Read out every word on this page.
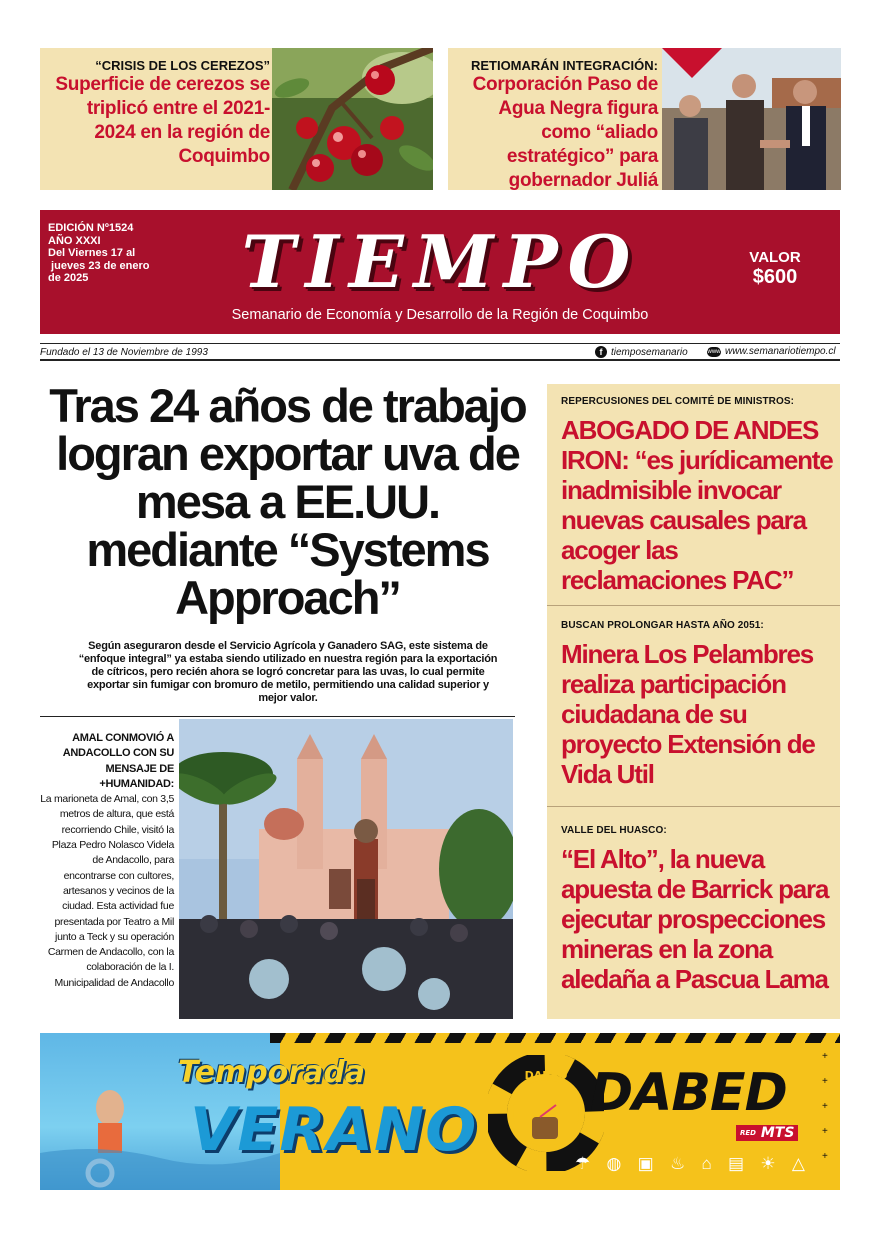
“CRISIS DE LOS CEREZOS”
Superficie de cerezos se triplicó entre el 2021-2024 en la región de Coquimbo
RETIOMARÁN INTEGRACIÓN:
Corporación Paso de Agua Negra figura como “aliado estratégico” para gobernador Juliá
EDICIÓN Nº1524
AÑO XXXI
Del Viernes 17 al
jueves 23 de enero
de 2025	TIEMPO	VALOR
$600
Semanario de Economía y Desarrollo de la Región de Coquimbo
Fundado el 13 de Noviembre de 1993	f tiemposemanario	www www.semanariotiempo.cl
Tras 24 años de trabajo logran exportar uva de mesa a EE.UU. mediante “Systems Approach”
Según aseguraron desde el Servicio Agrícola y Ganadero SAG, este sistema de “enfoque integral” ya estaba siendo utilizado en nuestra región para la exportación de cítricos, pero recién ahora se logró concretar para las uvas, lo cual permite exportar sin fumigar con bromuro de metilo, permitiendo una calidad superior y mejor valor.
AMAL CONMOVIÓ A ANDACOLLO CON SU MENSAJE DE +HUMANIDAD:
La marioneta de Amal, con 3,5 metros de altura, que está recorriendo Chile, visitó la Plaza Pedro Nolasco Videla de Andacollo, para encontrarse con cultores, artesanos y vecinos de la ciudad. Esta actividad fue presentada por Teatro a Mil junto a Teck y su operación Carmen de Andacollo, con la colaboración de la I. Municipalidad de Andacollo
REPERCUSIONES DEL COMITÉ DE MINISTROS:
ABOGADO DE ANDES IRON: “es jurídicamente inadmisible invocar nuevas causales para acoger las reclamaciones PAC”
BUSCAN PROLONGAR HASTA AÑO 2051:
Minera Los Pelambres realiza participación ciudadana de su proyecto Extensión de Vida Util
VALLE DEL HUASCO:
“El Alto”, la nueva apuesta de Barrick para ejecutar prospecciones mineras en la zona aledaña a Pascua Lama
Temporada
VERANO
DABED DABED
RED MTS
☂ ◍ ▣ ♨ ⌂ ▤ ☀ △
+
+
+
+
+
